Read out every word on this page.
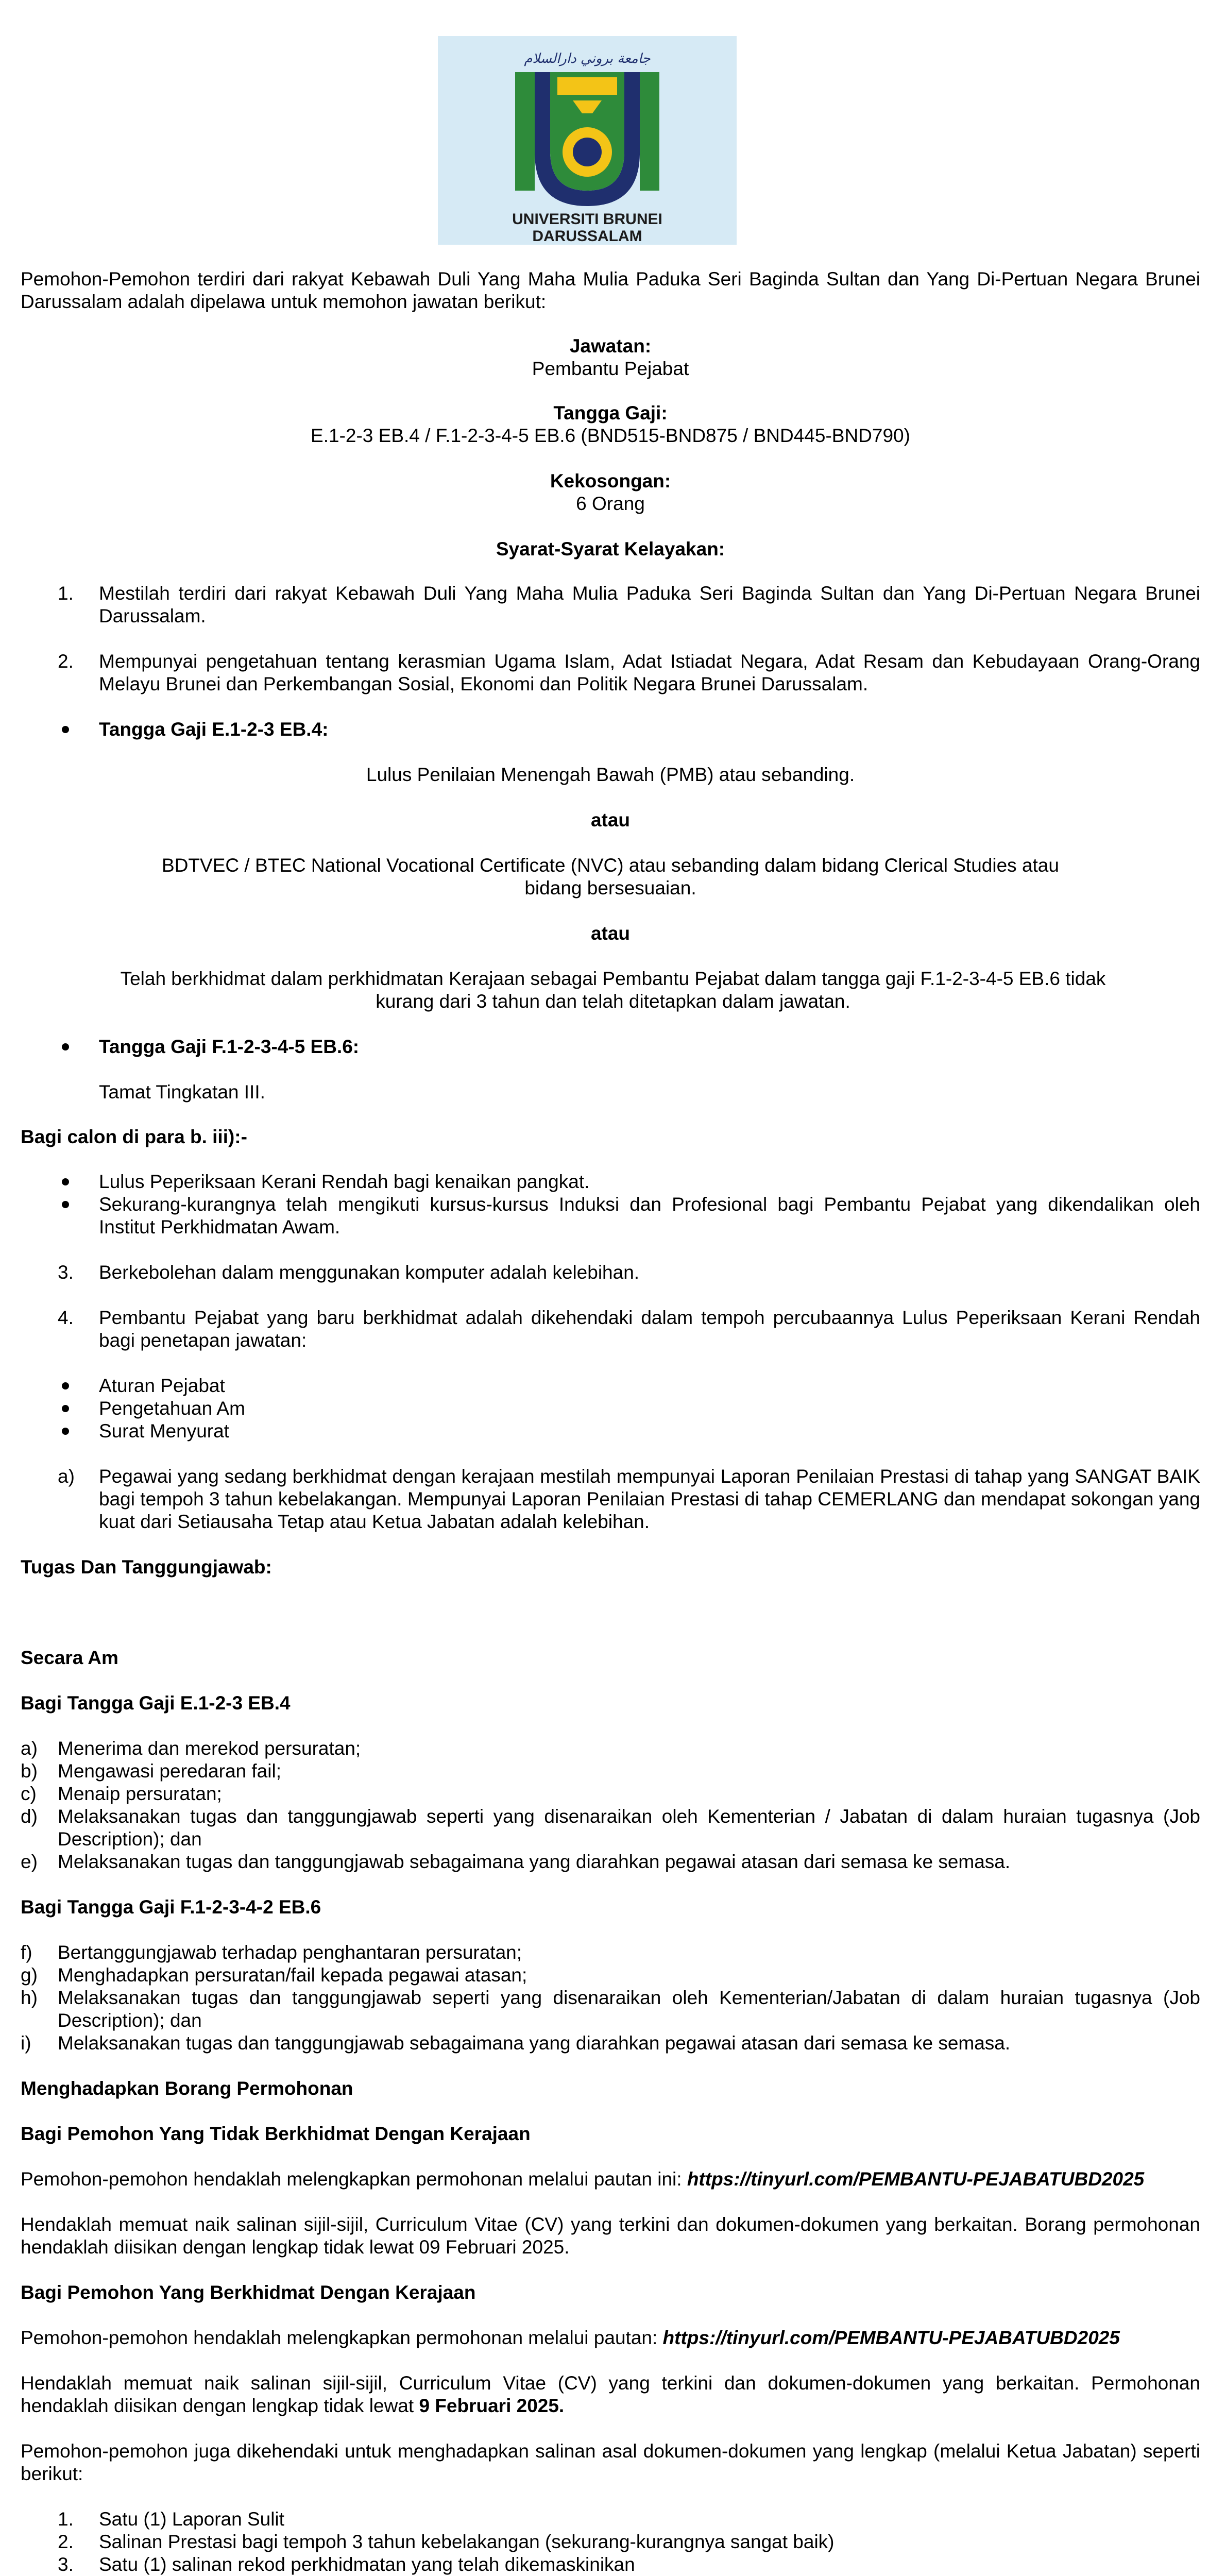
جامعة بروني دارالسلام
UNIVERSITI BRUNEI
DARUSSALAM
Pemohon-Pemohon terdiri dari rakyat Kebawah Duli Yang Maha Mulia Paduka Seri Baginda Sultan dan Yang Di-Pertuan Negara Brunei Darussalam adalah dipelawa untuk memohon jawatan berikut:
Jawatan:
Pembantu Pejabat
Tangga Gaji:
E.1-2-3 EB.4 / F.1-2-3-4-5 EB.6 (BND515-BND875 / BND445-BND790)
Kekosongan:
6 Orang
Syarat-Syarat Kelayakan:
1. Mestilah terdiri dari rakyat Kebawah Duli Yang Maha Mulia Paduka Seri Baginda Sultan dan Yang Di-Pertuan Negara Brunei Darussalam.
2. Mempunyai pengetahuan tentang kerasmian Ugama Islam, Adat Istiadat Negara, Adat Resam dan Kebudayaan Orang-Orang Melayu Brunei dan Perkembangan Sosial, Ekonomi dan Politik Negara Brunei Darussalam.
Tangga Gaji E.1-2-3 EB.4:
Lulus Penilaian Menengah Bawah (PMB) atau sebanding.
atau
BDTVEC / BTEC National Vocational Certificate (NVC) atau sebanding dalam bidang Clerical Studies atau bidang bersesuaian.
atau
Telah berkhidmat dalam perkhidmatan Kerajaan sebagai Pembantu Pejabat dalam tangga gaji F.1-2-3-4-5 EB.6 tidak kurang dari 3 tahun dan telah ditetapkan dalam jawatan.
Tangga Gaji F.1-2-3-4-5 EB.6:
Tamat Tingkatan III.
Bagi calon di para b. iii):-
Lulus Peperiksaan Kerani Rendah bagi kenaikan pangkat.
Sekurang-kurangnya telah mengikuti kursus-kursus Induksi dan Profesional bagi Pembantu Pejabat yang dikendalikan oleh Institut Perkhidmatan Awam.
3. Berkebolehan dalam menggunakan komputer adalah kelebihan.
4. Pembantu Pejabat yang baru berkhidmat adalah dikehendaki dalam tempoh percubaannya Lulus Peperiksaan Kerani Rendah bagi penetapan jawatan:
Aturan Pejabat
Pengetahuan Am
Surat Menyurat
a) Pegawai yang sedang berkhidmat dengan kerajaan mestilah mempunyai Laporan Penilaian Prestasi di tahap yang SANGAT BAIK bagi tempoh 3 tahun kebelakangan. Mempunyai Laporan Penilaian Prestasi di tahap CEMERLANG dan mendapat sokongan yang kuat dari Setiausaha Tetap atau Ketua Jabatan adalah kelebihan.
Tugas Dan Tanggungjawab:
Secara Am
Bagi Tangga Gaji E.1-2-3 EB.4
a) Menerima dan merekod persuratan;
b) Mengawasi peredaran fail;
c) Menaip persuratan;
d) Melaksanakan tugas dan tanggungjawab seperti yang disenaraikan oleh Kementerian / Jabatan di dalam huraian tugasnya (Job Description); dan
e) Melaksanakan tugas dan tanggungjawab sebagaimana yang diarahkan pegawai atasan dari semasa ke semasa.
Bagi Tangga Gaji F.1-2-3-4-2 EB.6
f) Bertanggungjawab terhadap penghantaran persuratan;
g) Menghadapkan persuratan/fail kepada pegawai atasan;
h) Melaksanakan tugas dan tanggungjawab seperti yang disenaraikan oleh Kementerian/Jabatan di dalam huraian tugasnya (Job Description); dan
i) Melaksanakan tugas dan tanggungjawab sebagaimana yang diarahkan pegawai atasan dari semasa ke semasa.
Menghadapkan Borang Permohonan
Bagi Pemohon Yang Tidak Berkhidmat Dengan Kerajaan
Pemohon-pemohon hendaklah melengkapkan permohonan melalui pautan ini: https://tinyurl.com/PEMBANTU-PEJABATUBD2025
Hendaklah memuat naik salinan sijil-sijil, Curriculum Vitae (CV) yang terkini dan dokumen-dokumen yang berkaitan. Borang permohonan hendaklah diisikan dengan lengkap tidak lewat 09 Februari 2025.
Bagi Pemohon Yang Berkhidmat Dengan Kerajaan
Pemohon-pemohon hendaklah melengkapkan permohonan melalui pautan: https://tinyurl.com/PEMBANTU-PEJABATUBD2025
Hendaklah memuat naik salinan sijil-sijil, Curriculum Vitae (CV) yang terkini dan dokumen-dokumen yang berkaitan. Permohonan hendaklah diisikan dengan lengkap tidak lewat 9 Februari 2025.
Pemohon-pemohon juga dikehendaki untuk menghadapkan salinan asal dokumen-dokumen yang lengkap (melalui Ketua Jabatan) seperti berikut:
1. Satu (1) Laporan Sulit
2. Salinan Prestasi bagi tempoh 3 tahun kebelakangan (sekurang-kurangnya sangat baik)
3. Satu (1) salinan rekod perkhidmatan yang telah dikemaskinikan
